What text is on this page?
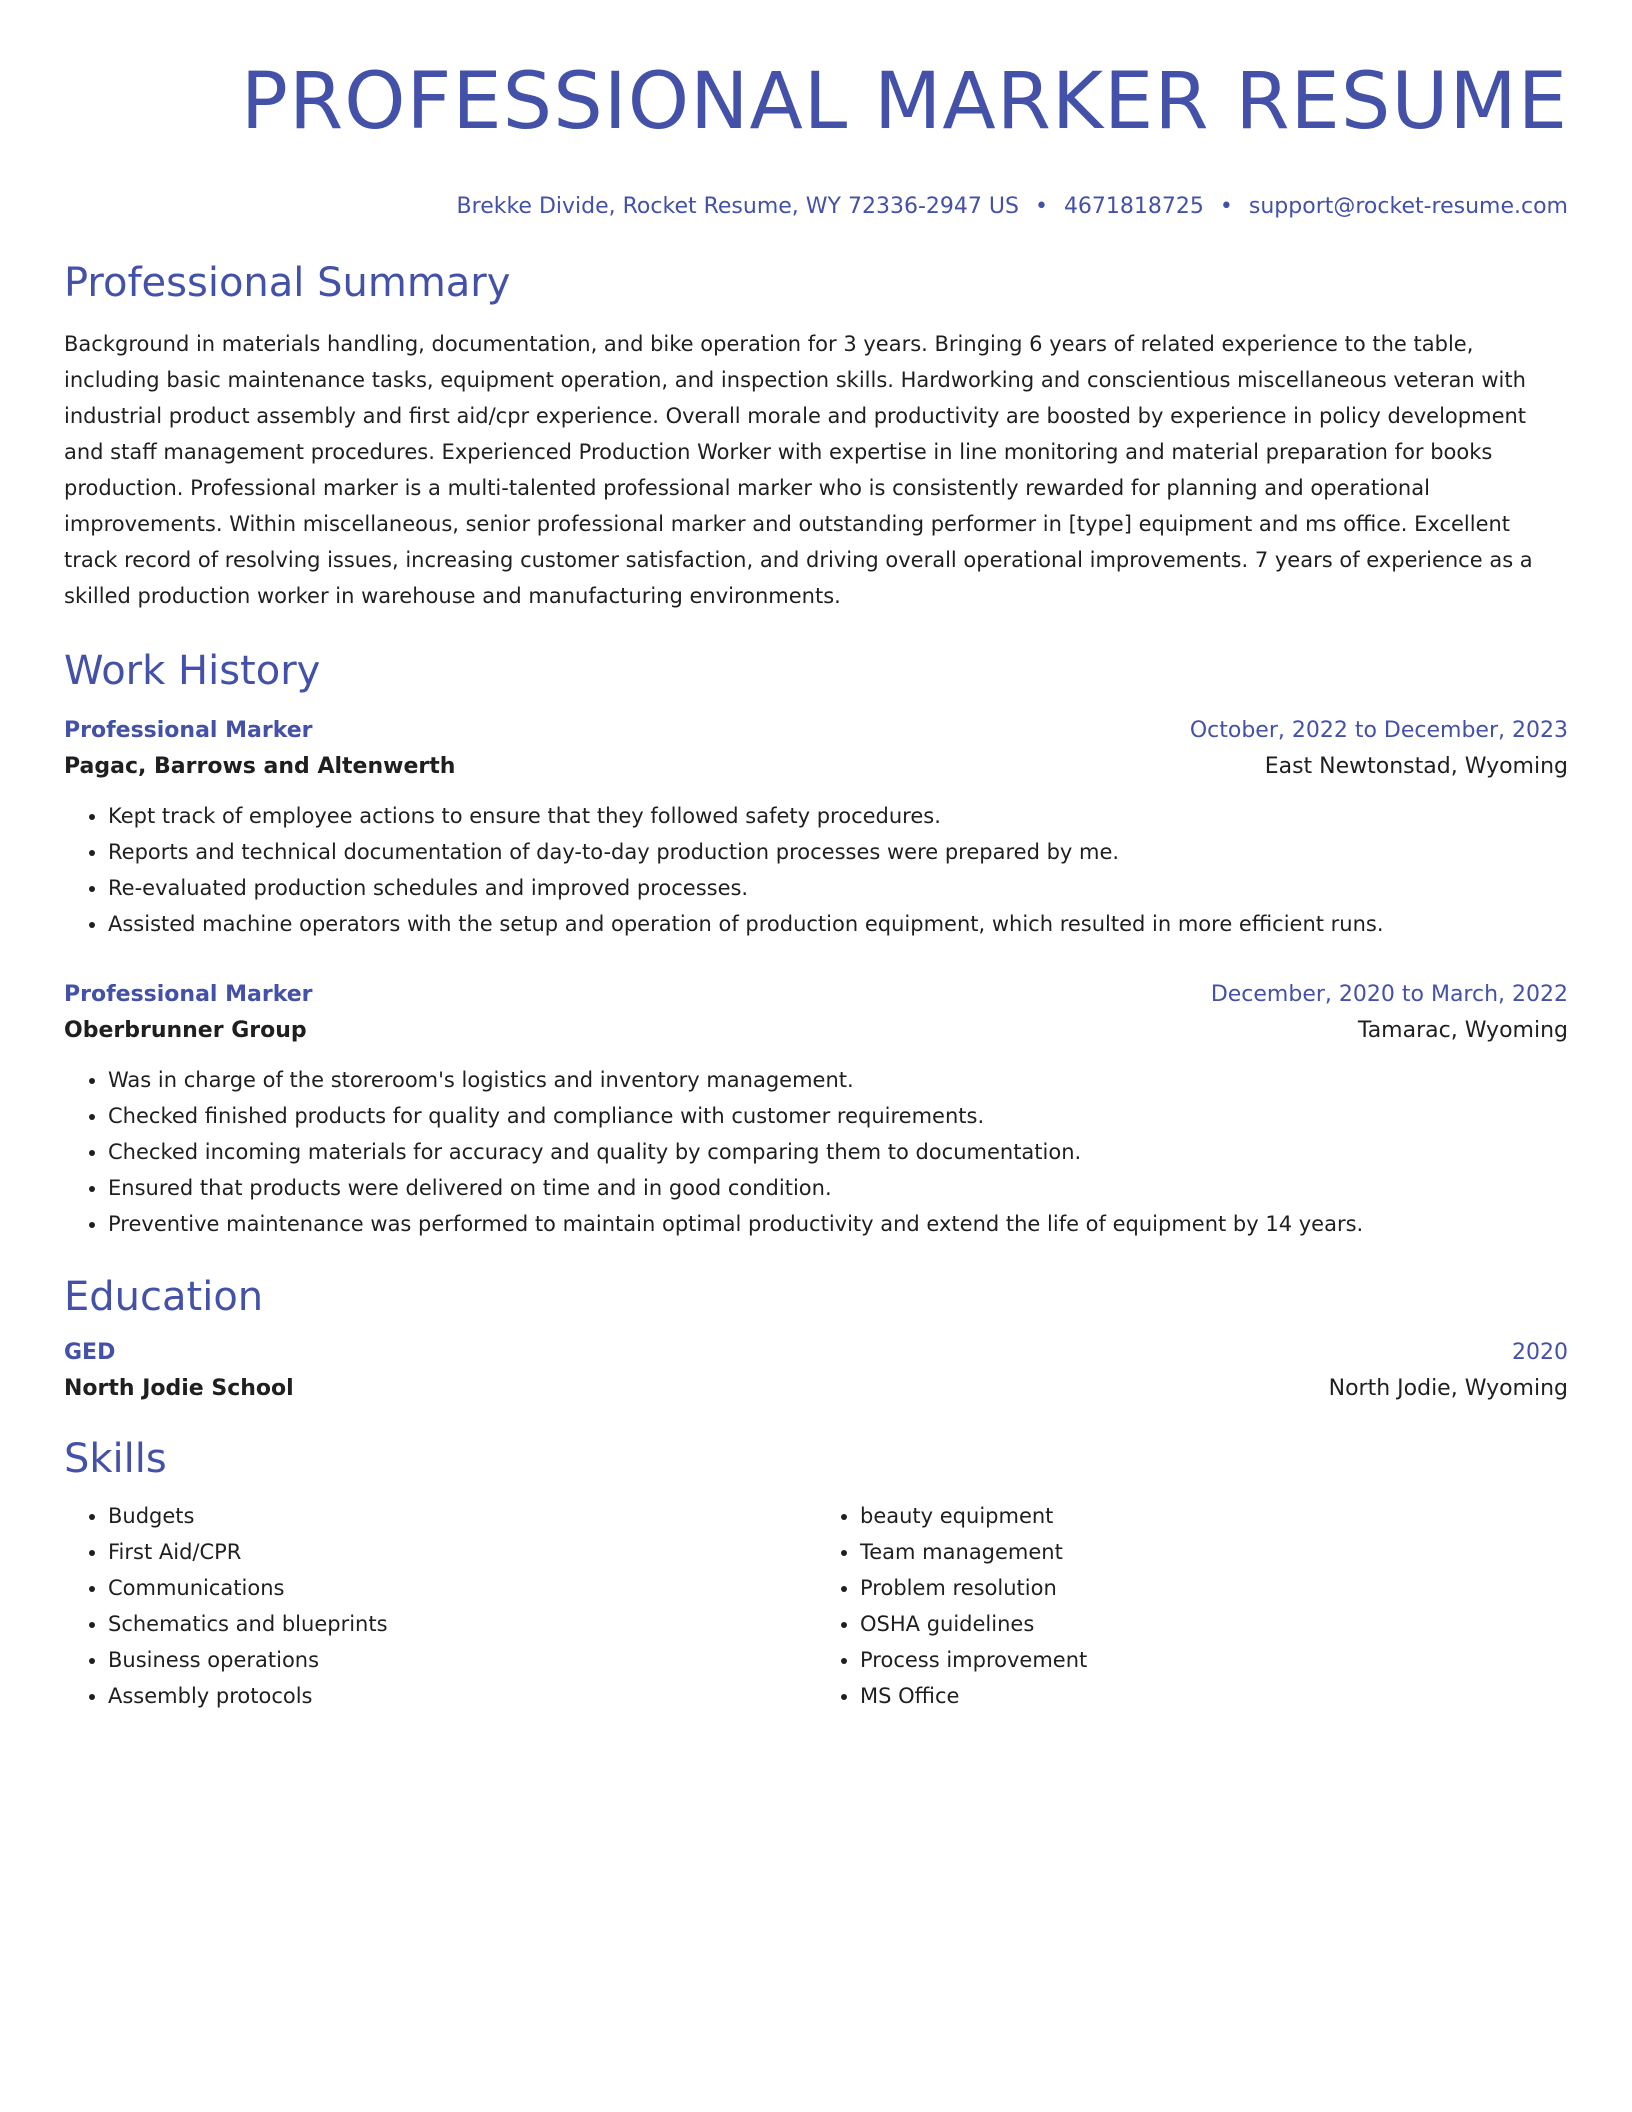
PROFESSIONAL MARKER RESUME
Brekke Divide, Rocket Resume, WY 72336-2947 US • 4671818725 • support@rocket-resume.com
Professional Summary
Background in materials handling, documentation, and bike operation for 3 years. Bringing 6 years of related experience to the table, including basic maintenance tasks, equipment operation, and inspection skills. Hardworking and conscientious miscellaneous veteran with industrial product assembly and first aid/cpr experience. Overall morale and productivity are boosted by experience in policy development and staff management procedures. Experienced Production Worker with expertise in line monitoring and material preparation for books production. Professional marker is a multi-talented professional marker who is consistently rewarded for planning and operational improvements. Within miscellaneous, senior professional marker and outstanding performer in [type] equipment and ms office. Excellent track record of resolving issues, increasing customer satisfaction, and driving overall operational improvements. 7 years of experience as a skilled production worker in warehouse and manufacturing environments.
Work History
Professional Marker	October, 2022 to December, 2023
Pagac, Barrows and Altenwerth	East Newtonstad, Wyoming
• Kept track of employee actions to ensure that they followed safety procedures.
• Reports and technical documentation of day-to-day production processes were prepared by me.
• Re-evaluated production schedules and improved processes.
• Assisted machine operators with the setup and operation of production equipment, which resulted in more efficient runs.
Professional Marker	December, 2020 to March, 2022
Oberbrunner Group	Tamarac, Wyoming
• Was in charge of the storeroom's logistics and inventory management.
• Checked finished products for quality and compliance with customer requirements.
• Checked incoming materials for accuracy and quality by comparing them to documentation.
• Ensured that products were delivered on time and in good condition.
• Preventive maintenance was performed to maintain optimal productivity and extend the life of equipment by 14 years.
Education
GED	2020
North Jodie School	North Jodie, Wyoming
Skills
• Budgets
• First Aid/CPR
• Communications
• Schematics and blueprints
• Business operations
• Assembly protocols
• beauty equipment
• Team management
• Problem resolution
• OSHA guidelines
• Process improvement
• MS Office
